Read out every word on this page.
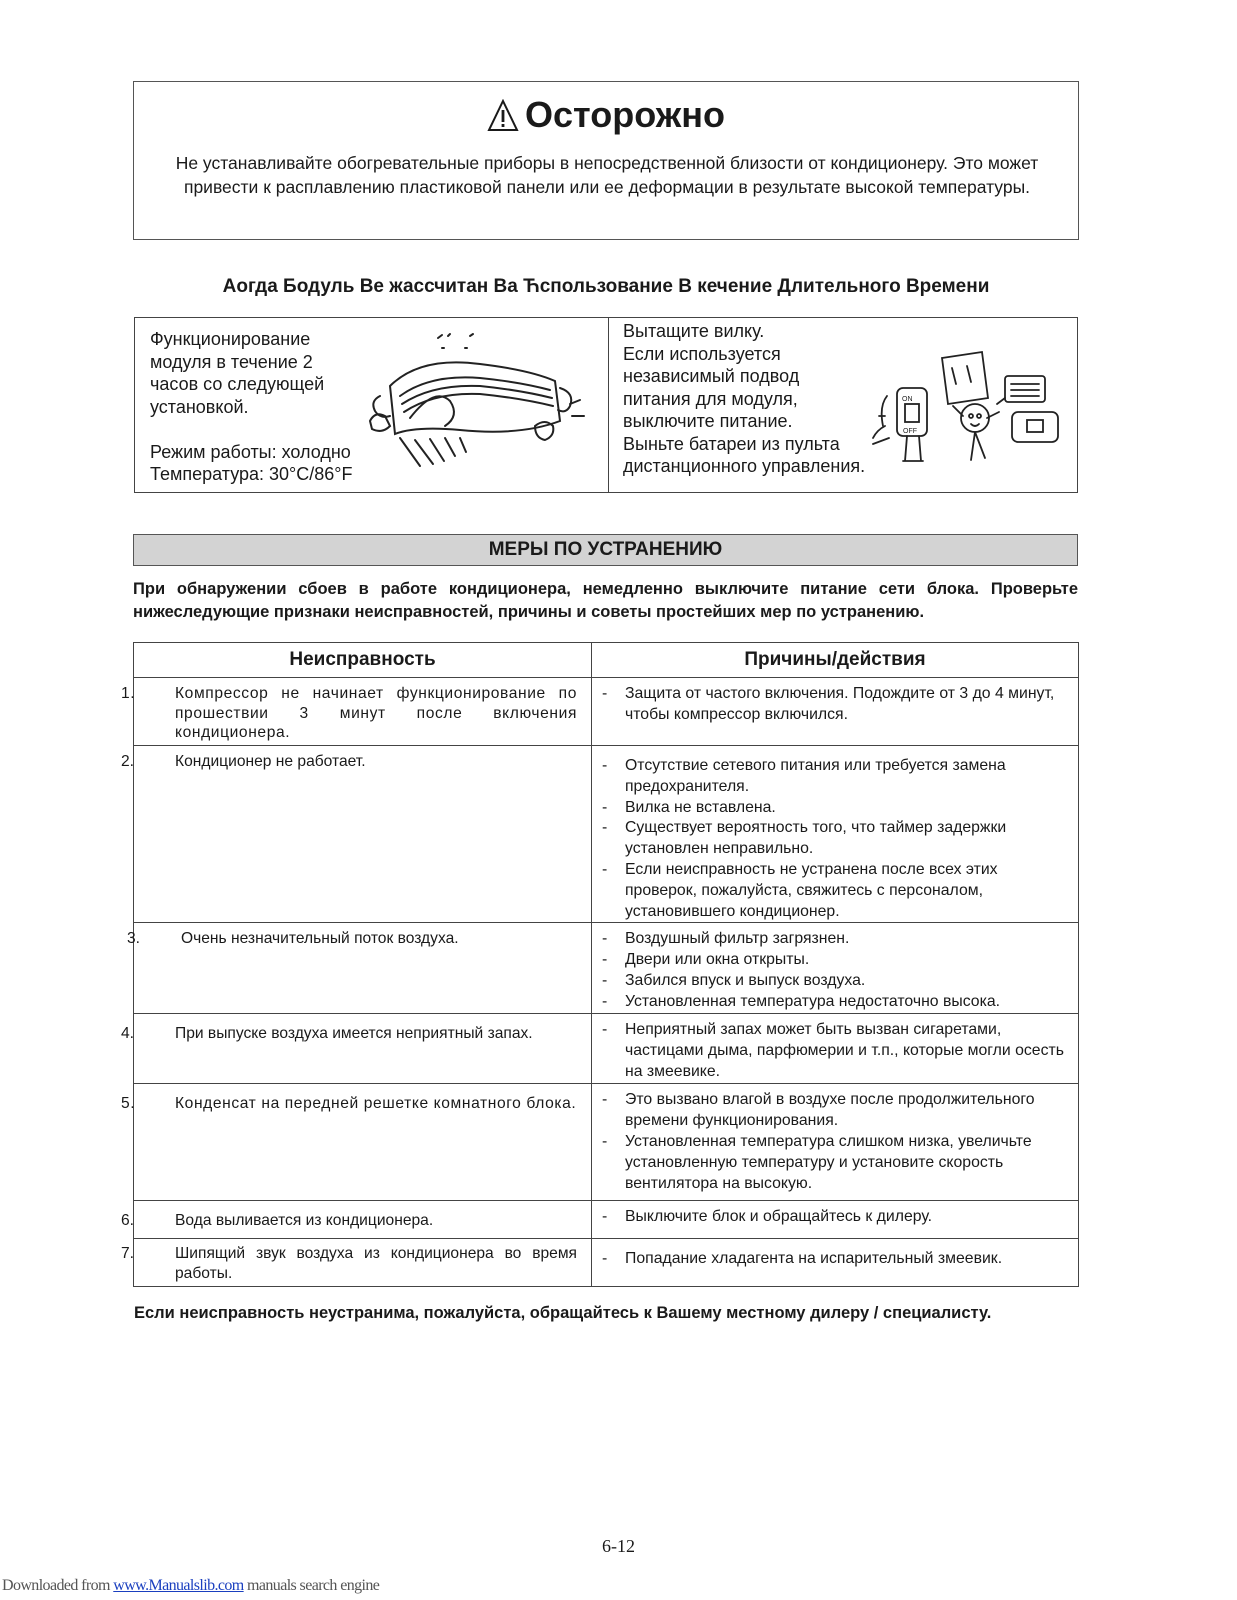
Осторожно
Не устанавливайте обогревательные приборы в непосредственной близости от кондиционеру. Это может привести к расплавлению пластиковой панели или ее деформации в результате высокой температуры.
Аогда Бодуль Ве жассчитан Ва Ћспользование В кечение Длительного Времени
Функционирование
модуля в течение 2
часов со следующей
установкой.
Режим работы: холодно
Температура: 30°C/86°F
Вытащите вилку.
Если используется
независимый подвод
питания для модуля,
выключите питание.
Выньте батареи из пульта
дистанционного управления.
ON
OFF
МЕРЫ ПО УСТРАНЕНИЮ
При обнаружении сбоев в работе кондиционера, немедленно выключите питание сети блока. Проверьте нижеследующие признаки неисправностей, причины и советы простейших мер по устранению.
Неисправность	Причины/действия

1. Компрессор не начинает функционирование по прошествии 3 минут после включения кондиционера.	- Защита от частого включения. Подождите от 3 до 4 минут, чтобы компрессор включился.

2. Кондиционер не работает.	- Отсутствие сетевого питания или требуется замена предохранителя.
- Вилка не вставлена.
- Существует вероятность того, что таймер задержки установлен неправильно.
- Если неисправность не устранена после всех этих проверок, пожалуйста, свяжитесь с персоналом, установившего кондиционер.

3. Очень незначительный поток воздуха.	- Воздушный фильтр загрязнен.
- Двери или окна открыты.
- Забился впуск и выпуск воздуха.
- Установленная температура недостаточно высока.

4. При выпуске воздуха имеется неприятный запах.	- Неприятный запах может быть вызван сигаретами, частицами дыма, парфюмерии и т.п., которые могли осесть на змеевике.

5. Конденсат на передней решетке комнатного блока.	- Это вызвано влагой в воздухе после продолжительного времени функционирования.
- Установленная температура слишком низка, увеличьте установленную температуру и установите скорость вентилятора на высокую.

6. Вода выливается из кондиционера.	- Выключите блок и обращайтесь к дилеру.

7. Шипящий звук воздуха из кондиционера во время работы.	- Попадание хладагента на испарительный змеевик.
Если неисправность неустранима, пожалуйста, обращайтесь к Вашему местному дилеру / специалисту.
6-12
Downloaded from www.Manualslib.com manuals search engine
